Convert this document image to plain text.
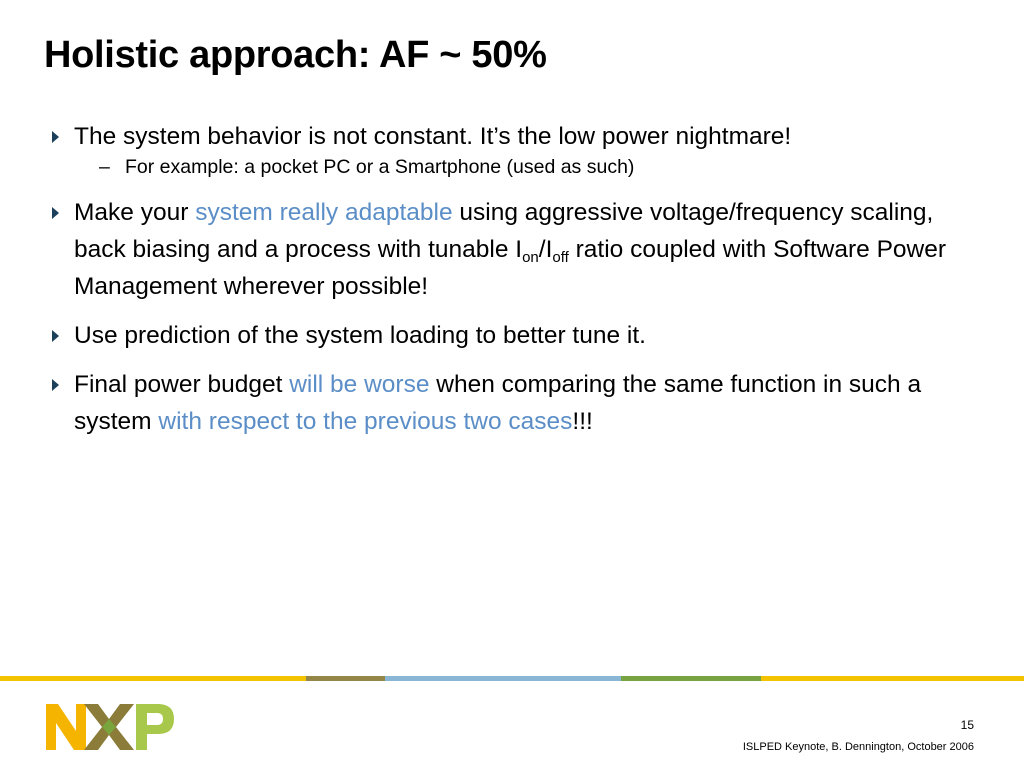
Holistic approach: AF ~ 50%
The system behavior is not constant. It’s the low power nightmare!
– For example: a pocket PC or a Smartphone (used as such)
Make your system really adaptable using aggressive voltage/frequency scaling, back biasing and a process with tunable $I_{on}/I_{off}$ ratio coupled with Software Power Management wherever possible!
Use prediction of the system loading to better tune it.
Final power budget will be worse when comparing the same function in such a system with respect to the previous two cases!!!
15
ISLPED Keynote, B. Dennington, October 2006
